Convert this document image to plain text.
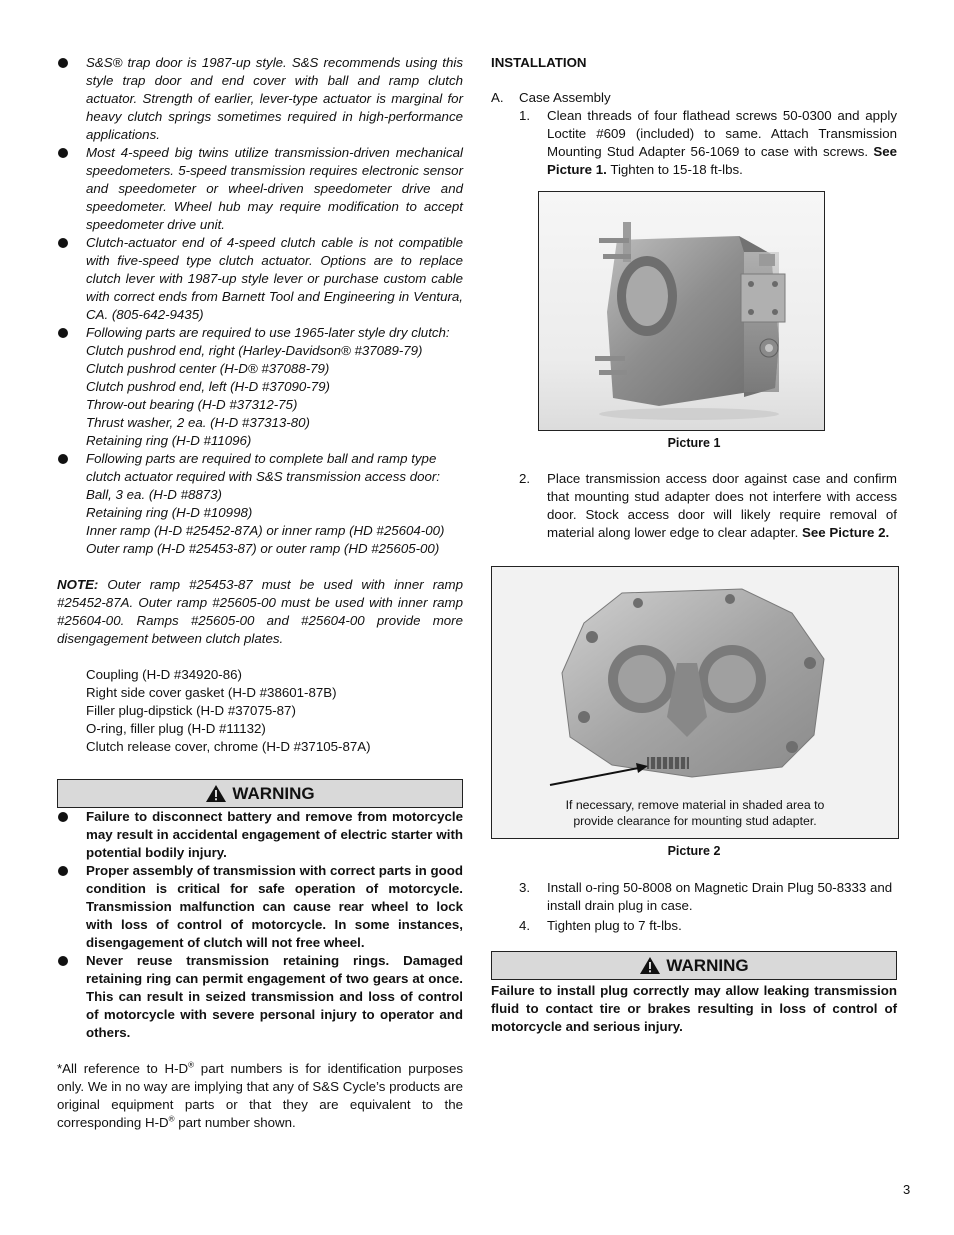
S&S® trap door is 1987-up style. S&S recommends using this style trap door and end cover with ball and ramp clutch actuator. Strength of earlier, lever-type actuator is marginal for heavy clutch springs sometimes required in high-performance applications.
Most 4-speed big twins utilize transmission-driven mechanical speedometers. 5-speed transmission requires electronic sensor and speedometer or wheel-driven speedometer drive and speedometer. Wheel hub may require modification to accept speedometer drive unit.
Clutch-actuator end of 4-speed clutch cable is not compatible with five-speed type clutch actuator. Options are to replace clutch lever with 1987-up style lever or purchase custom cable with correct ends from Barnett Tool and Engineering in Ventura, CA. (805-642-9435)
Following parts are required to use 1965-later style dry clutch:
Clutch pushrod end, right (Harley-Davidson® #37089-79)
Clutch pushrod center (H-D® #37088-79)
Clutch pushrod end, left (H-D #37090-79)
Throw-out bearing (H-D #37312-75)
Thrust washer, 2 ea. (H-D #37313-80)
Retaining ring (H-D #11096)
Following parts are required to complete ball and ramp type clutch actuator required with S&S transmission access door:
Ball, 3 ea. (H-D #8873)
Retaining ring (H-D #10998)
Inner ramp (H-D #25452-87A) or inner ramp (HD #25604-00)
Outer ramp (H-D #25453-87) or outer ramp (HD #25605-00)

NOTE: Outer ramp #25453-87 must be used with inner ramp #25452-87A. Outer ramp #25605-00 must be used with inner ramp #25604-00. Ramps #25605-00 and #25604-00 provide more disengagement between clutch plates.

Coupling (H-D #34920-86)
Right side cover gasket (H-D #38601-87B)
Filler plug-dipstick (H-D #37075-87)
O-ring, filler plug (H-D #11132)
Clutch release cover, chrome (H-D #37105-87A)
WARNING
Failure to disconnect battery and remove from motorcycle may result in accidental engagement of electric starter with potential bodily injury.
Proper assembly of transmission with correct parts in good condition is critical for safe operation of motorcycle. Transmission malfunction can cause rear wheel to lock with loss of control of motorcycle. In some instances, disengagement of clutch will not free wheel.
Never reuse transmission retaining rings. Damaged retaining ring can permit engagement of two gears at once. This can result in seized transmission and loss of control of motorcycle with severe personal injury to operator and others.

*All reference to H-D® part numbers is for identification purposes only. We in no way are implying that any of S&S Cycle’s products are original equipment parts or that they are equivalent to the corresponding H-D® part number shown.

INSTALLATION
A.	Case Assembly
1.	Clean threads of four flathead screws 50-0300 and apply Loctite #609 (included) to same. Attach Transmission Mounting Stud Adapter 56-1069 to case with screws. See Picture 1. Tighten to 15-18 ft-lbs.
Picture 1
2.	Place transmission access door against case and confirm that mounting stud adapter does not interfere with access door. Stock access door will likely require removal of material along lower edge to clear adapter. See Picture 2.
If necessary, remove material in shaded area to
provide clearance for mounting stud adapter.
Picture 2
3.	Install o-ring 50-8008 on Magnetic Drain Plug 50-8333 and install drain plug in case.
4.	Tighten plug to 7 ft-lbs.
WARNING

Failure to install plug correctly may allow leaking transmission fluid to contact tire or brakes resulting in loss of control of motorcycle and serious injury.

3
